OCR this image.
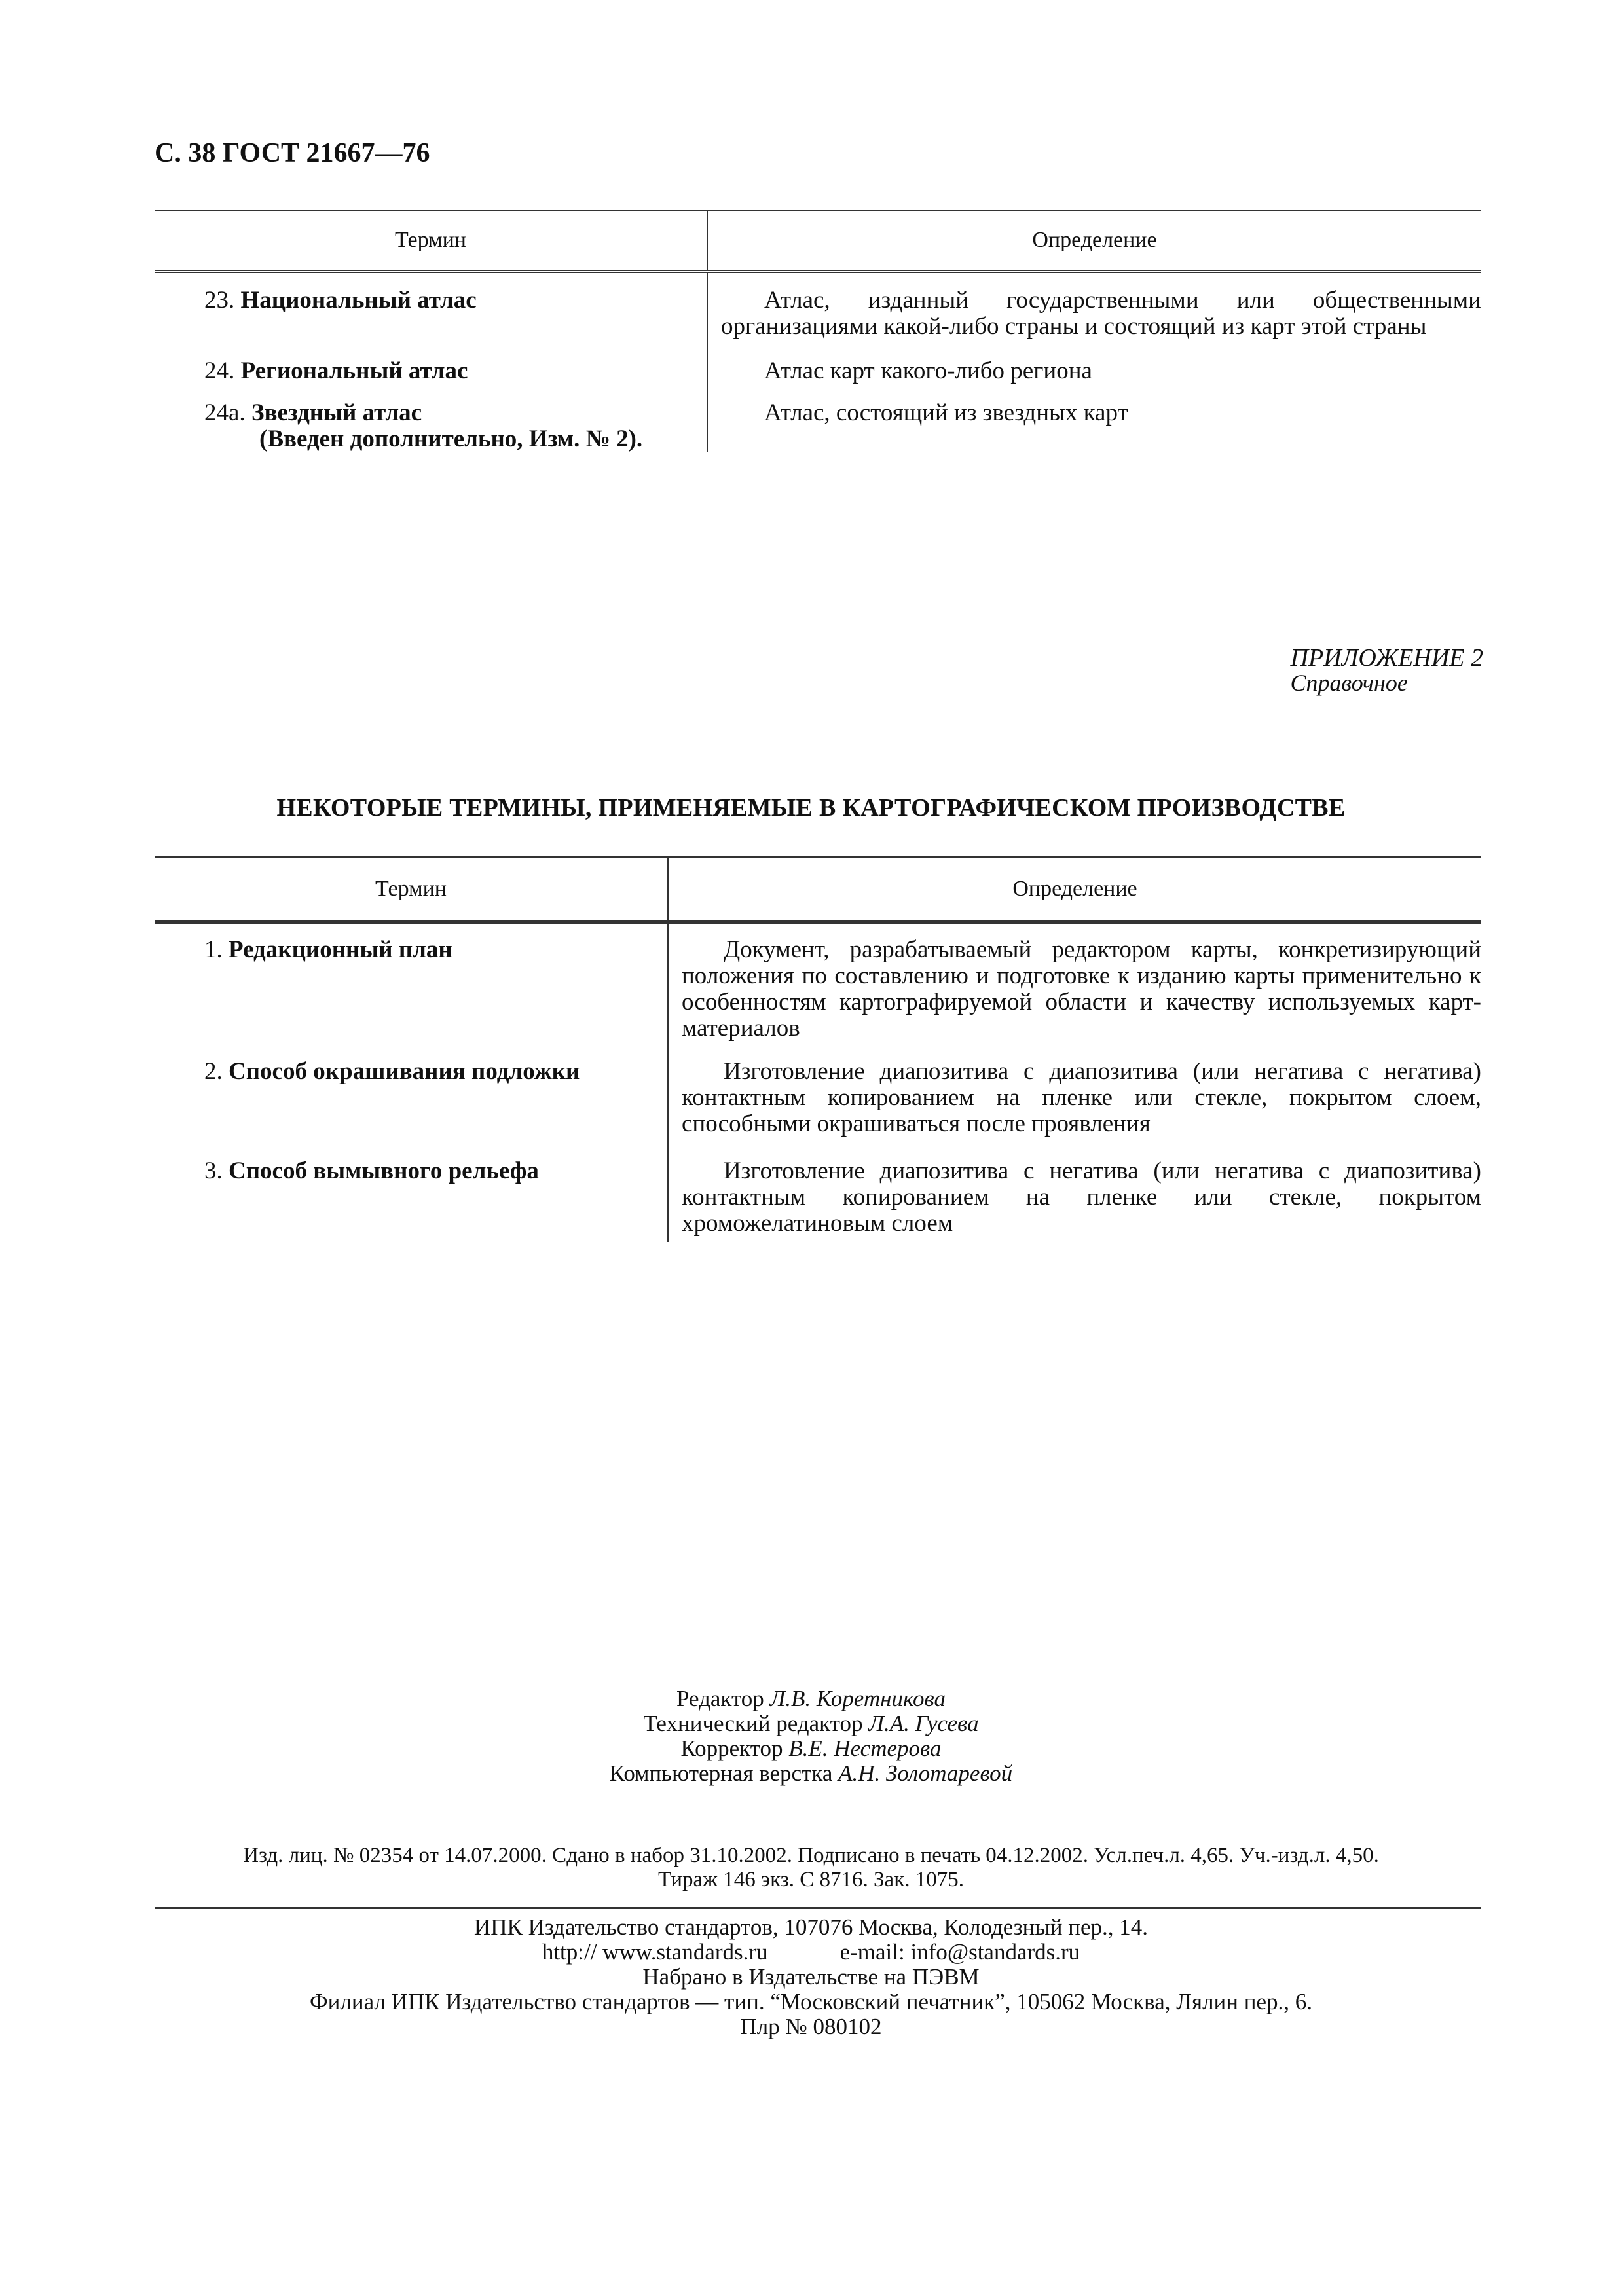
С. 38 ГОСТ 21667—76
Термин	Определение
23. Национальный атлас	Атлас, изданный государственными или общественными организациями какой-либо страны и состоящий из карт этой страны
24. Региональный атлас	Атлас карт какого-либо региона
24а. Звездный атлас
(Введен дополнительно, Изм. № 2).	Атлас, состоящий из звездных карт
ПРИЛОЖЕНИЕ 2
Справочное
НЕКОТОРЫЕ ТЕРМИНЫ, ПРИМЕНЯЕМЫЕ В КАРТОГРАФИЧЕСКОМ ПРОИЗВОДСТВЕ
Термин	Определение
1. Редакционный план	Документ, разрабатываемый редактором карты, конкретизирующий положения по составлению и подготовке к изданию карты применительно к особенностям картографируемой области и качеству используемых карт-материалов
2. Способ окрашивания подложки	Изготовление диапозитива с диапозитива (или негатива с негатива) контактным копированием на пленке или стекле, покрытом слоем, способными окрашиваться после проявления
3. Способ вымывного рельефа	Изготовление диапозитива с негатива (или негатива с диапозитива) контактным копированием на пленке или стекле, покрытом хроможелатиновым слоем
Редактор Л.В. Коретникова
Технический редактор Л.А. Гусева
Корректор В.Е. Нестерова
Компьютерная верстка А.Н. Золотаревой
Изд. лиц. № 02354 от 14.07.2000. Сдано в набор 31.10.2002. Подписано в печать 04.12.2002. Усл.печ.л. 4,65. Уч.-изд.л. 4,50.
Тираж 146 экз. С 8716. Зак. 1075.
ИПК Издательство стандартов, 107076 Москва, Колодезный пер., 14.
http:// www.standards.ru	e-mail: info@standards.ru
Набрано в Издательстве на ПЭВМ
Филиал ИПК Издательство стандартов — тип. “Московский печатник”, 105062 Москва, Лялин пер., 6.
Плр № 080102
